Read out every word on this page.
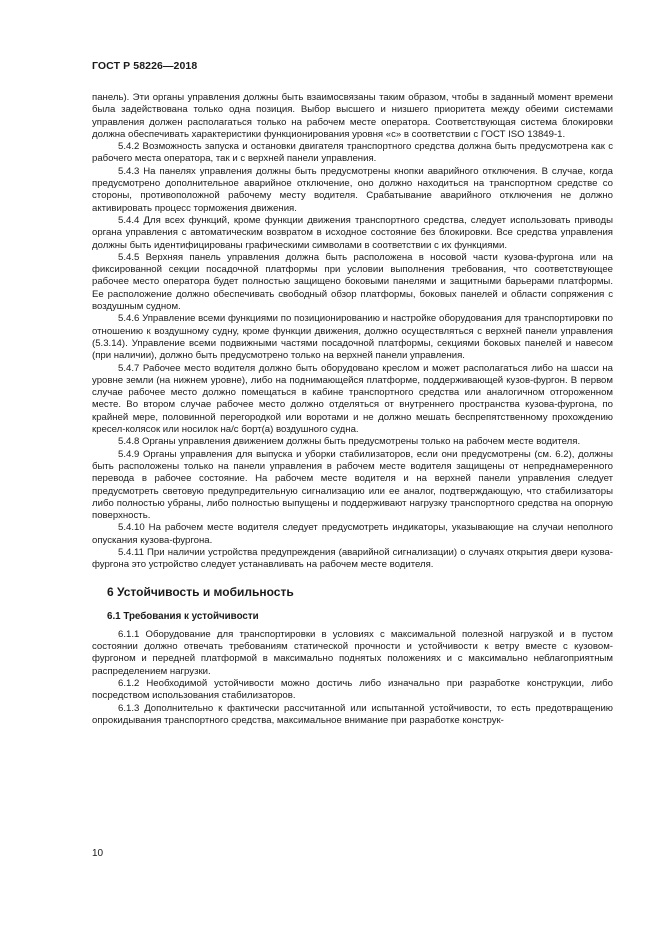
ГОСТ Р 58226—2018

панель). Эти органы управления должны быть взаимосвязаны таким образом, чтобы в заданный момент времени была задействована только одна позиция. Выбор высшего и низшего приоритета между обеими системами управления должен располагаться только на рабочем месте оператора. Соответствующая система блокировки должна обеспечивать характеристики функционирования уровня «с» в соответствии с ГОСТ ISO 13849-1.

5.4.2 Возможность запуска и остановки двигателя транспортного средства должна быть предусмотрена как с рабочего места оператора, так и с верхней панели управления.

5.4.3 На панелях управления должны быть предусмотрены кнопки аварийного отключения. В случае, когда предусмотрено дополнительное аварийное отключение, оно должно находиться на транспортном средстве со стороны, противоположной рабочему месту водителя. Срабатывание аварийного отключения не должно активировать процесс торможения движения.

5.4.4 Для всех функций, кроме функции движения транспортного средства, следует использовать приводы органа управления с автоматическим возвратом в исходное состояние без блокировки. Все средства управления должны быть идентифицированы графическими символами в соответствии с их функциями.

5.4.5 Верхняя панель управления должна быть расположена в носовой части кузова-фургона или на фиксированной секции посадочной платформы при условии выполнения требования, что соответствующее рабочее место оператора будет полностью защищено боковыми панелями и защитными барьерами платформы. Ее расположение должно обеспечивать свободный обзор платформы, боковых панелей и области сопряжения с воздушным судном.

5.4.6 Управление всеми функциями по позиционированию и настройке оборудования для транспортировки по отношению к воздушному судну, кроме функции движения, должно осуществляться с верхней панели управления (5.3.14). Управление всеми подвижными частями посадочной платформы, секциями боковых панелей и навесом (при наличии), должно быть предусмотрено только на верхней панели управления.

5.4.7 Рабочее место водителя должно быть оборудовано креслом и может располагаться либо на шасси на уровне земли (на нижнем уровне), либо на поднимающейся платформе, поддерживающей кузов-фургон. В первом случае рабочее место должно помещаться в кабине транспортного средства или аналогичном отгороженном месте. Во втором случае рабочее место должно отделяться от внутреннего пространства кузова-фургона, по крайней мере, половинной перегородкой или воротами и не должно мешать беспрепятственному прохождению кресел-колясок или носилок на/с борт(а) воздушного судна.

5.4.8 Органы управления движением должны быть предусмотрены только на рабочем месте водителя.

5.4.9 Органы управления для выпуска и уборки стабилизаторов, если они предусмотрены (см. 6.2), должны быть расположены только на панели управления в рабочем месте водителя защищены от непреднамеренного перевода в рабочее состояние. На рабочем месте водителя и на верхней панели управления следует предусмотреть световую предупредительную сигнализацию или ее аналог, подтверждающую, что стабилизаторы либо полностью убраны, либо полностью выпущены и поддерживают нагрузку транспортного средства на опорную поверхность.

5.4.10 На рабочем месте водителя следует предусмотреть индикаторы, указывающие на случаи неполного опускания кузова-фургона.

5.4.11 При наличии устройства предупреждения (аварийной сигнализации) о случаях открытия двери кузова-фургона это устройство следует устанавливать на рабочем месте водителя.

6 Устойчивость и мобильность
6.1 Требования к устойчивости

6.1.1 Оборудование для транспортировки в условиях с максимальной полезной нагрузкой и в пустом состоянии должно отвечать требованиям статической прочности и устойчивости к ветру вместе с кузовом-фургоном и передней платформой в максимально поднятых положениях и с максимально неблагоприятным распределением нагрузки.

6.1.2 Необходимой устойчивости можно достичь либо изначально при разработке конструкции, либо посредством использования стабилизаторов.

6.1.3 Дополнительно к фактически рассчитанной или испытанной устойчивости, то есть предотвращению опрокидывания транспортного средства, максимальное внимание при разработке конструк-

10
